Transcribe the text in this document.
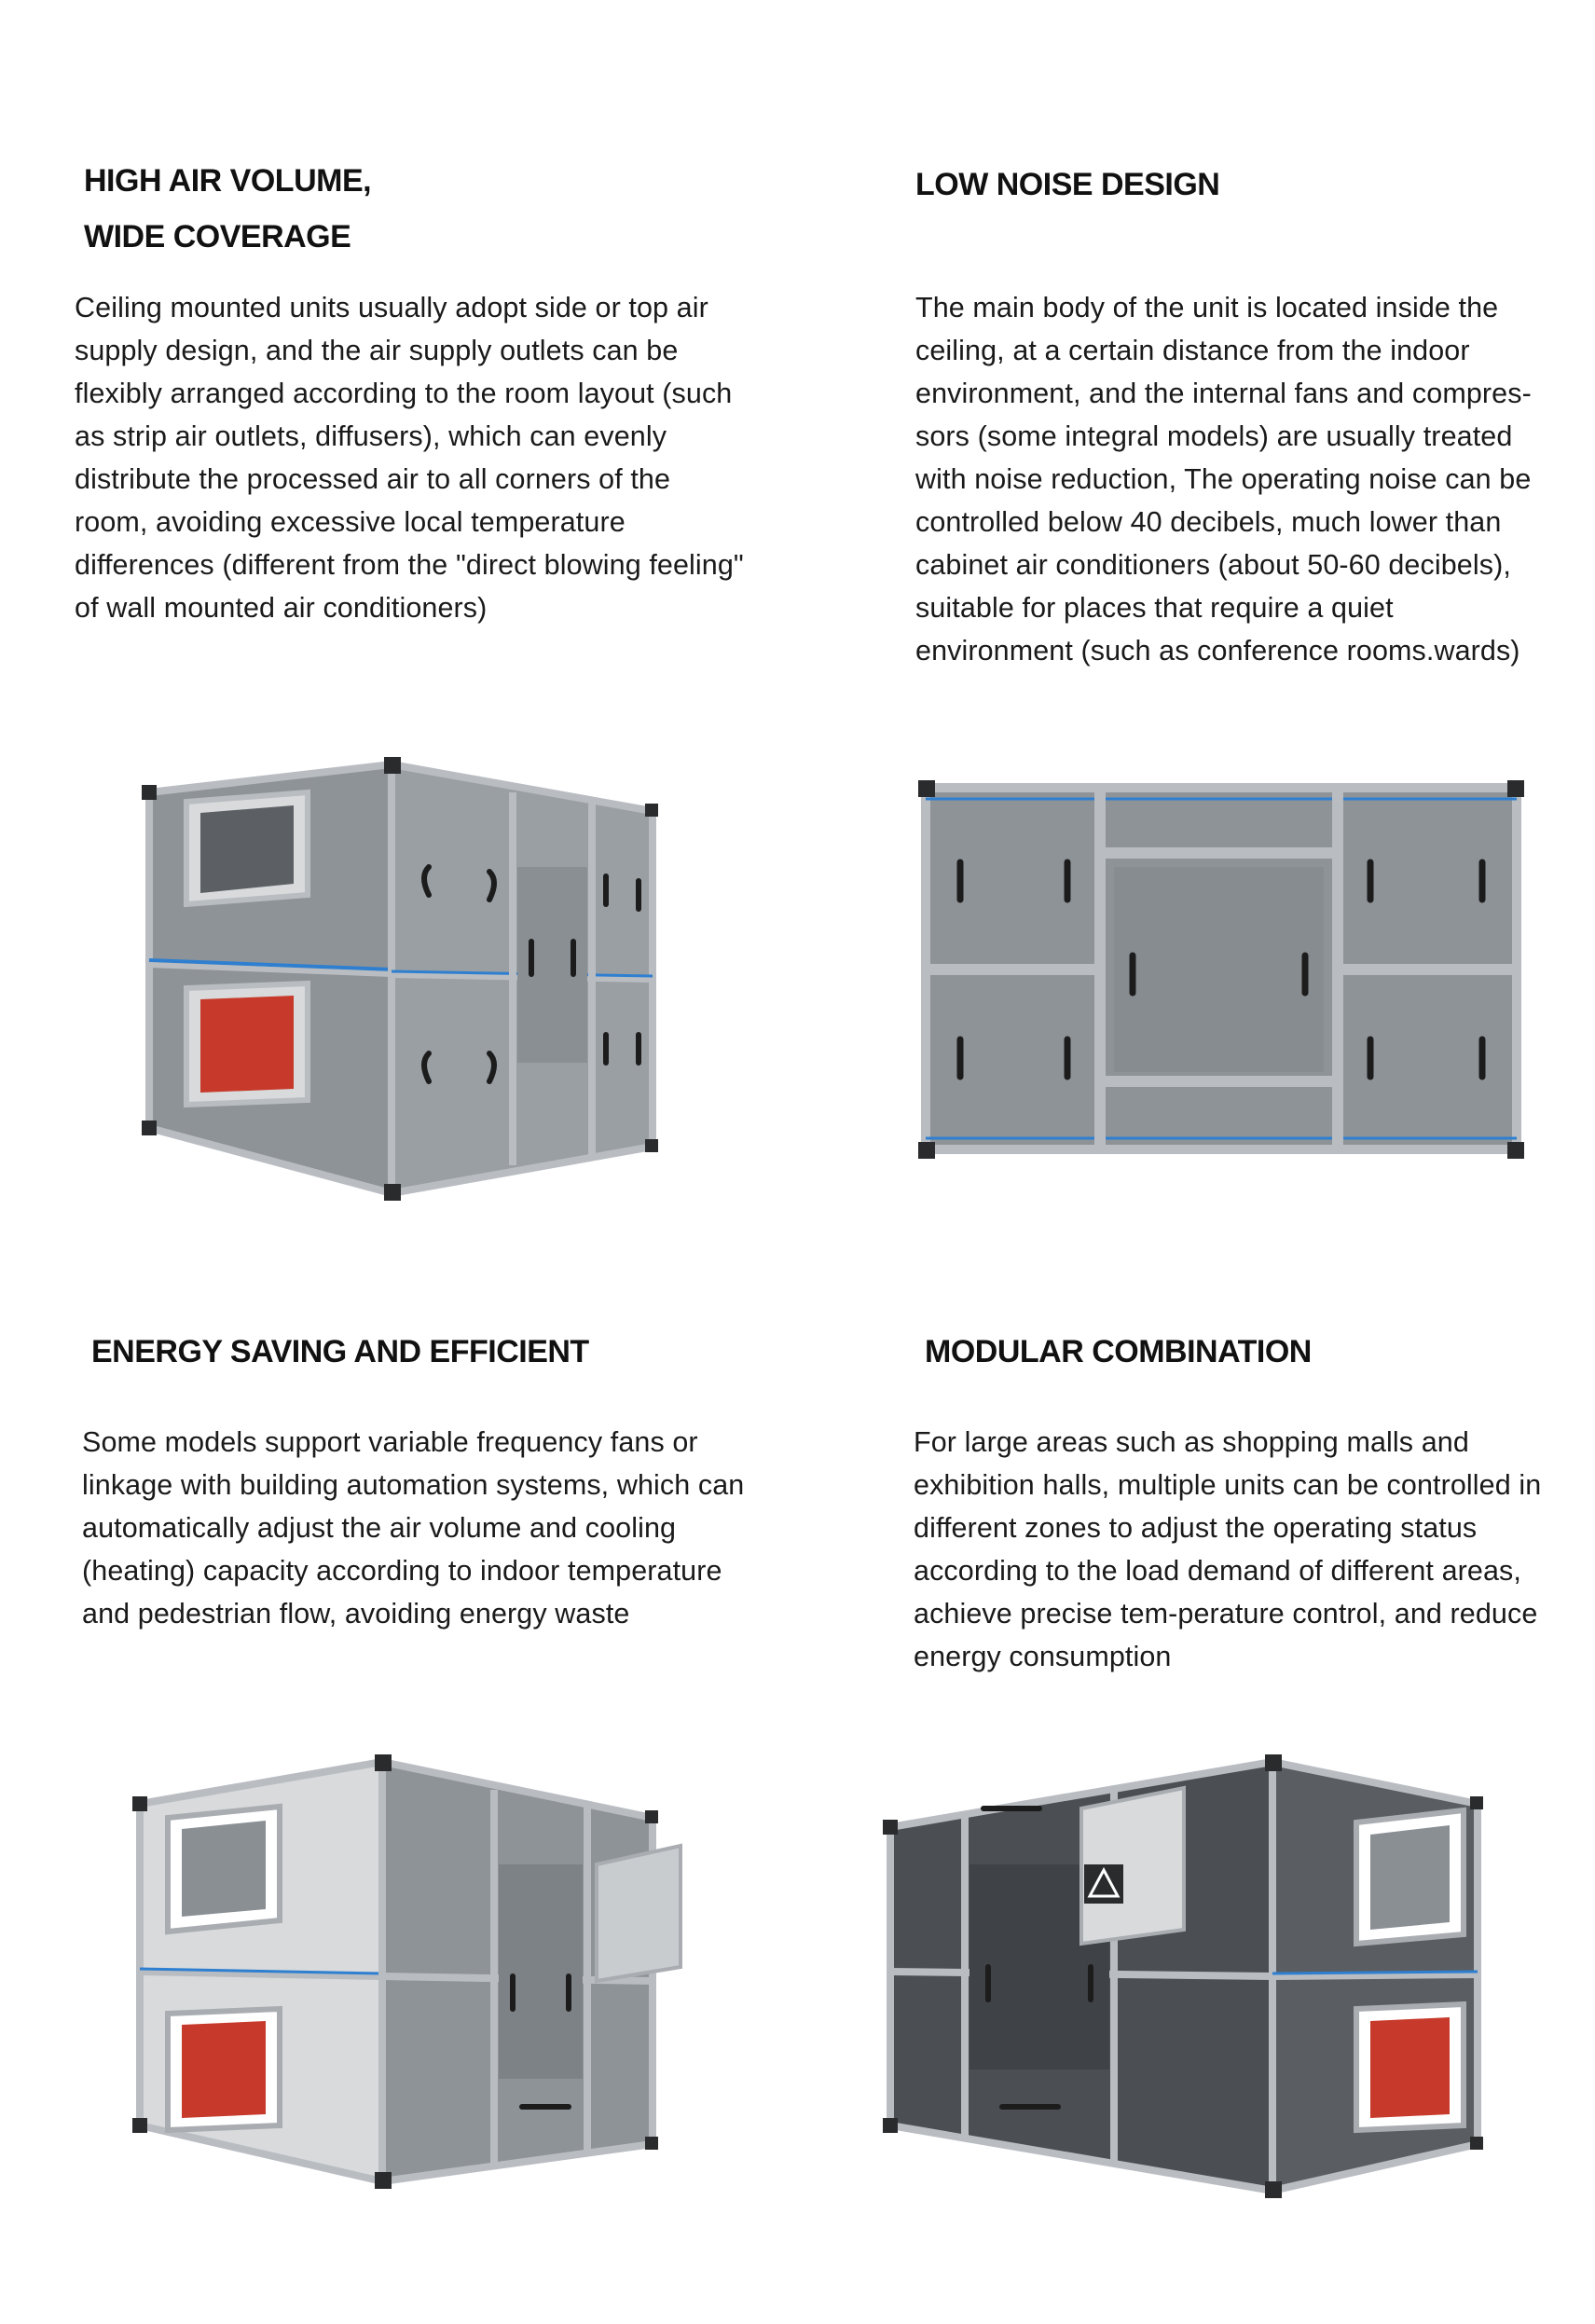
HIGH AIR VOLUME,
WIDE COVERAGE

Ceiling mounted units usually adopt side or top air supply design, and the air supply outlets can be flexibly arranged according to the room layout (such as strip air outlets, diffusers), which can evenly distribute the processed air to all corners of the room, avoiding excessive local temperature differences (different from the "direct blowing feeling" of wall mounted air conditioners)

LOW NOISE DESIGN

The main body of the unit is located inside the ceiling, at a certain distance from the indoor environment, and the internal fans and compres-sors (some integral models) are usually treated with noise reduction, The operating noise can be controlled below 40 decibels, much lower than cabinet air conditioners (about 50-60 decibels), suitable for places that require a quiet environment (such as conference rooms.wards)

ENERGY SAVING AND EFFICIENT

Some models support variable frequency fans or linkage with building automation systems, which can automatically adjust the air volume and cooling (heating) capacity according to indoor temperature and pedestrian flow, avoiding energy waste

MODULAR COMBINATION

For large areas such as shopping malls and exhibition halls, multiple units can be controlled in different zones to adjust the operating status according to the load demand of different areas, achieve precise tem-perature control, and reduce energy consumption
